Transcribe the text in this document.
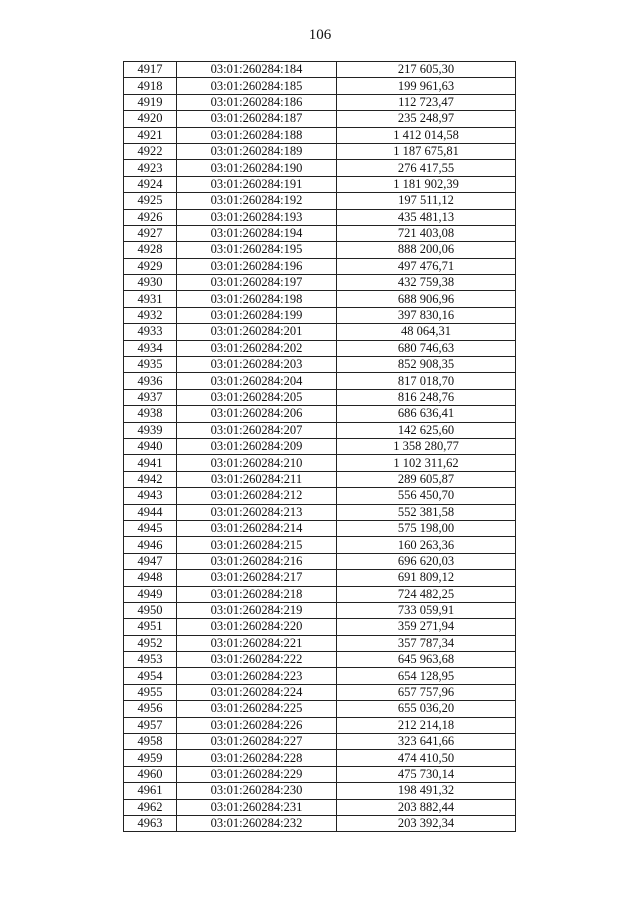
106
4917	03:01:260284:184	217 605,30
4918	03:01:260284:185	199 961,63
4919	03:01:260284:186	112 723,47
4920	03:01:260284:187	235 248,97
4921	03:01:260284:188	1 412 014,58
4922	03:01:260284:189	1 187 675,81
4923	03:01:260284:190	276 417,55
4924	03:01:260284:191	1 181 902,39
4925	03:01:260284:192	197 511,12
4926	03:01:260284:193	435 481,13
4927	03:01:260284:194	721 403,08
4928	03:01:260284:195	888 200,06
4929	03:01:260284:196	497 476,71
4930	03:01:260284:197	432 759,38
4931	03:01:260284:198	688 906,96
4932	03:01:260284:199	397 830,16
4933	03:01:260284:201	48 064,31
4934	03:01:260284:202	680 746,63
4935	03:01:260284:203	852 908,35
4936	03:01:260284:204	817 018,70
4937	03:01:260284:205	816 248,76
4938	03:01:260284:206	686 636,41
4939	03:01:260284:207	142 625,60
4940	03:01:260284:209	1 358 280,77
4941	03:01:260284:210	1 102 311,62
4942	03:01:260284:211	289 605,87
4943	03:01:260284:212	556 450,70
4944	03:01:260284:213	552 381,58
4945	03:01:260284:214	575 198,00
4946	03:01:260284:215	160 263,36
4947	03:01:260284:216	696 620,03
4948	03:01:260284:217	691 809,12
4949	03:01:260284:218	724 482,25
4950	03:01:260284:219	733 059,91
4951	03:01:260284:220	359 271,94
4952	03:01:260284:221	357 787,34
4953	03:01:260284:222	645 963,68
4954	03:01:260284:223	654 128,95
4955	03:01:260284:224	657 757,96
4956	03:01:260284:225	655 036,20
4957	03:01:260284:226	212 214,18
4958	03:01:260284:227	323 641,66
4959	03:01:260284:228	474 410,50
4960	03:01:260284:229	475 730,14
4961	03:01:260284:230	198 491,32
4962	03:01:260284:231	203 882,44
4963	03:01:260284:232	203 392,34
